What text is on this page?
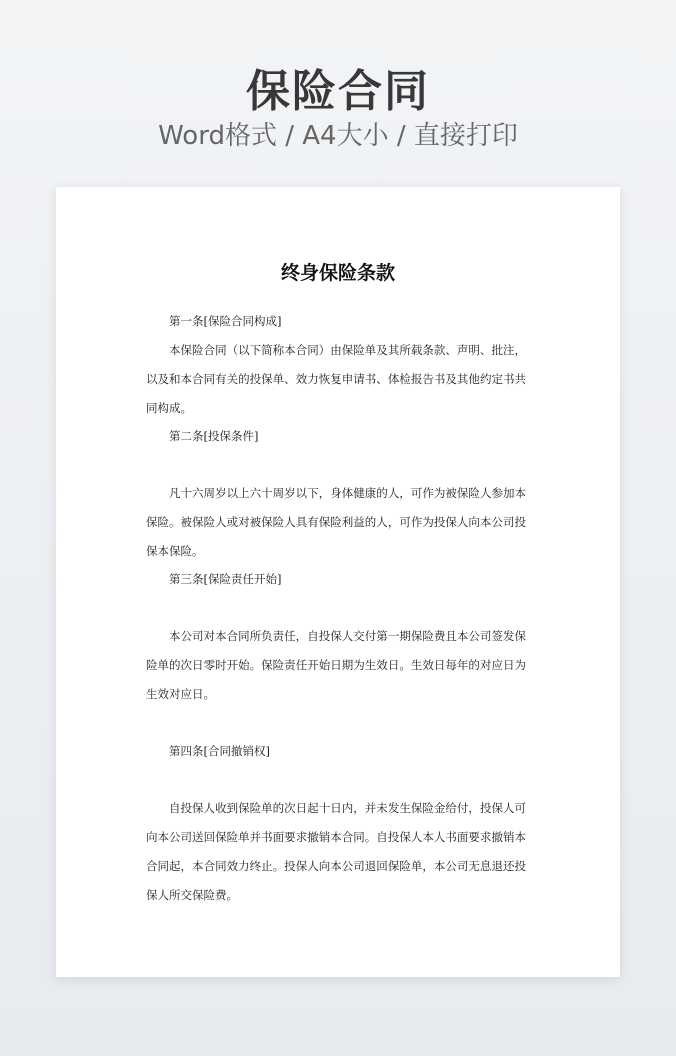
保险合同
Word格式 / A4大小 / 直接打印
终身保险条款
第一条[保险合同构成]
本保险合同（以下简称本合同）由保险单及其所载条款、声明、批注，以及和本合同有关的投保单、效力恢复申请书、体检报告书及其他约定书共同构成。
第二条[投保条件]
凡十六周岁以上六十周岁以下，身体健康的人，可作为被保险人参加本保险。被保险人或对被保险人具有保险利益的人，可作为投保人向本公司投保本保险。
第三条[保险责任开始]
本公司对本合同所负责任，自投保人交付第一期保险费且本公司签发保险单的次日零时开始。保险责任开始日期为生效日。生效日每年的对应日为生效对应日。
第四条[合同撤销权]
自投保人收到保险单的次日起十日内，并未发生保险金给付，投保人可向本公司送回保险单并书面要求撤销本合同。自投保人本人书面要求撤销本合同起，本合同效力终止。投保人向本公司退回保险单，本公司无息退还投保人所交保险费。
